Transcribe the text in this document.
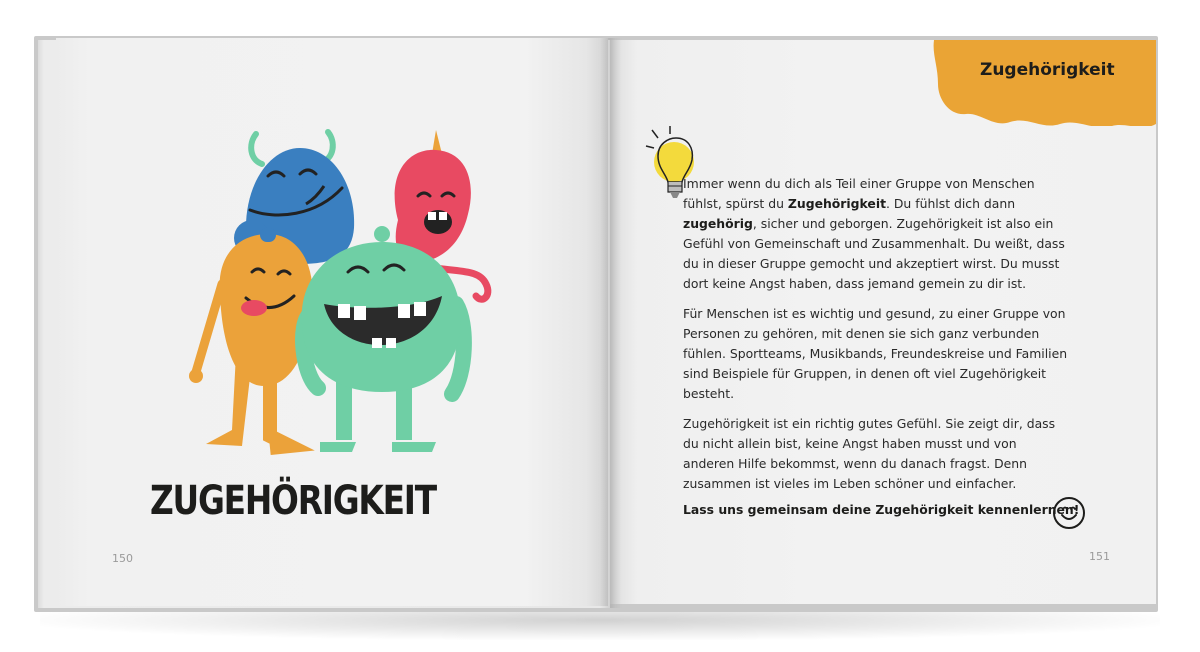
ZUGEHÖRIGKEIT
150
Zugehörigkeit

Immer wenn du dich als Teil einer Gruppe von Menschen fühlst, spürst du Zugehörigkeit. Du fühlst dich dann zugehörig, sicher und geborgen. Zugehörigkeit ist also ein Gefühl von Gemeinschaft und Zusammenhalt. Du weißt, dass du in dieser Gruppe gemocht und akzeptiert wirst. Du musst dort keine Angst haben, dass jemand gemein zu dir ist.

Für Menschen ist es wichtig und gesund, zu einer Gruppe von Personen zu gehören, mit denen sie sich ganz verbunden fühlen. Sportteams, Musikbands, Freundeskreise und Familien sind Beispiele für Gruppen, in denen oft viel Zugehörigkeit besteht.

Zugehörigkeit ist ein richtig gutes Gefühl. Sie zeigt dir, dass du nicht allein bist, keine Angst haben musst und von anderen Hilfe bekommst, wenn du danach fragst. Denn zusammen ist vieles im Leben schöner und einfacher.

Lass uns gemeinsam deine Zugehörigkeit kennenlernen!
151
